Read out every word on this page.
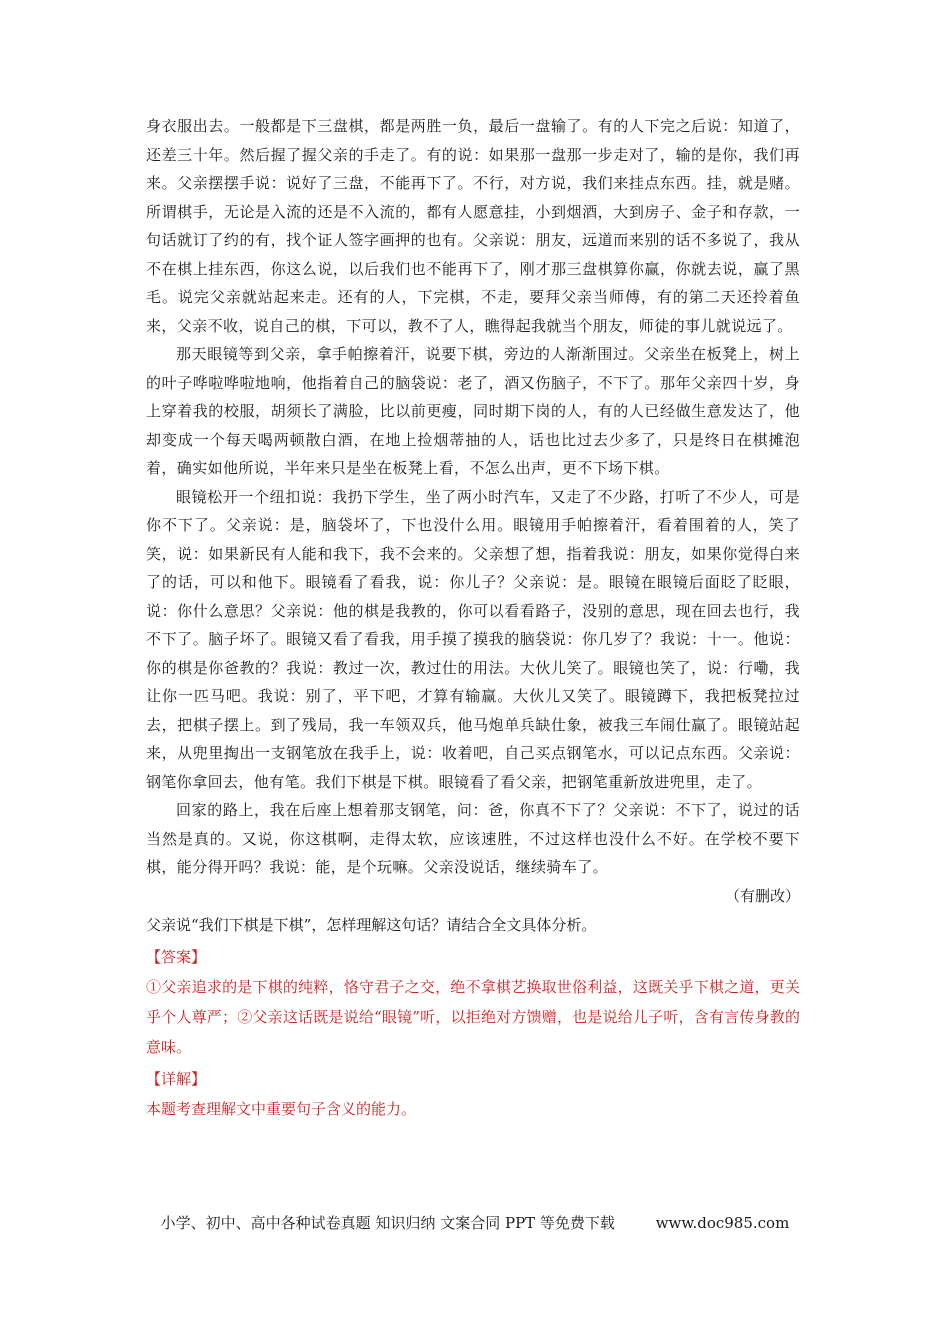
身衣服出去。一般都是下三盘棋，都是两胜一负，最后一盘输了。有的人下完之后说：知道了，还差三十年。然后握了握父亲的手走了。有的说：如果那一盘那一步走对了，输的是你，我们再来。父亲摆摆手说：说好了三盘，不能再下了。不行，对方说，我们来挂点东西。挂，就是赌。所谓棋手，无论是入流的还是不入流的，都有人愿意挂，小到烟酒，大到房子、金子和存款，一句话就订了约的有，找个证人签字画押的也有。父亲说：朋友，远道而来别的话不多说了，我从不在棋上挂东西，你这么说，以后我们也不能再下了，刚才那三盘棋算你赢，你就去说，赢了黑毛。说完父亲就站起来走。还有的人，下完棋，不走，要拜父亲当师傅，有的第二天还拎着鱼来，父亲不收，说自己的棋，下可以，教不了人，瞧得起我就当个朋友，师徒的事儿就说远了。

那天眼镜等到父亲，拿手帕擦着汗，说要下棋，旁边的人渐渐围过。父亲坐在板凳上，树上的叶子哗啦哗啦地响，他指着自己的脑袋说：老了，酒又伤脑子，不下了。那年父亲四十岁，身上穿着我的校服，胡须长了满脸，比以前更瘦，同时期下岗的人，有的人已经做生意发达了，他却变成一个每天喝两顿散白酒，在地上捡烟蒂抽的人，话也比过去少多了，只是终日在棋摊泡着，确实如他所说，半年来只是坐在板凳上看，不怎么出声，更不下场下棋。

眼镜松开一个纽扣说：我扔下学生，坐了两小时汽车，又走了不少路，打听了不少人，可是你不下了。父亲说：是，脑袋坏了，下也没什么用。眼镜用手帕擦着汗，看着围着的人，笑了笑，说：如果新民有人能和我下，我不会来的。父亲想了想，指着我说：朋友，如果你觉得白来了的话，可以和他下。眼镜看了看我，说：你儿子？父亲说：是。眼镜在眼镜后面眨了眨眼，说：你什么意思？父亲说：他的棋是我教的，你可以看看路子，没别的意思，现在回去也行，我不下了。脑子坏了。眼镜又看了看我，用手摸了摸我的脑袋说：你几岁了？我说：十一。他说：你的棋是你爸教的？我说：教过一次，教过仕的用法。大伙儿笑了。眼镜也笑了，说：行嘞，我让你一匹马吧。我说：别了，平下吧，才算有输赢。大伙儿又笑了。眼镜蹲下，我把板凳拉过去，把棋子摆上。到了残局，我一车领双兵，他马炮单兵缺仕象，被我三车闹仕赢了。眼镜站起来，从兜里掏出一支钢笔放在我手上，说：收着吧，自己买点钢笔水，可以记点东西。父亲说：钢笔你拿回去，他有笔。我们下棋是下棋。眼镜看了看父亲，把钢笔重新放进兜里，走了。

回家的路上，我在后座上想着那支钢笔，问：爸，你真不下了？父亲说：不下了，说过的话当然是真的。又说，你这棋啊，走得太软，应该速胜，不过这样也没什么不好。在学校不要下棋，能分得开吗？我说：能，是个玩嘛。父亲没说话，继续骑车了。

（有删改）

父亲说“我们下棋是下棋”，怎样理解这句话？请结合全文具体分析。

【答案】

①父亲追求的是下棋的纯粹，恪守君子之交，绝不拿棋艺换取世俗利益，这既关乎下棋之道，更关乎个人尊严；②父亲这话既是说给“眼镜”听，以拒绝对方馈赠，也是说给儿子听，含有言传身教的意味。

【详解】

本题考查理解文中重要句子含义的能力。

小学、初中、高中各种试卷真题 知识归纳 文案合同 PPT 等免费下载	www.doc985.com
